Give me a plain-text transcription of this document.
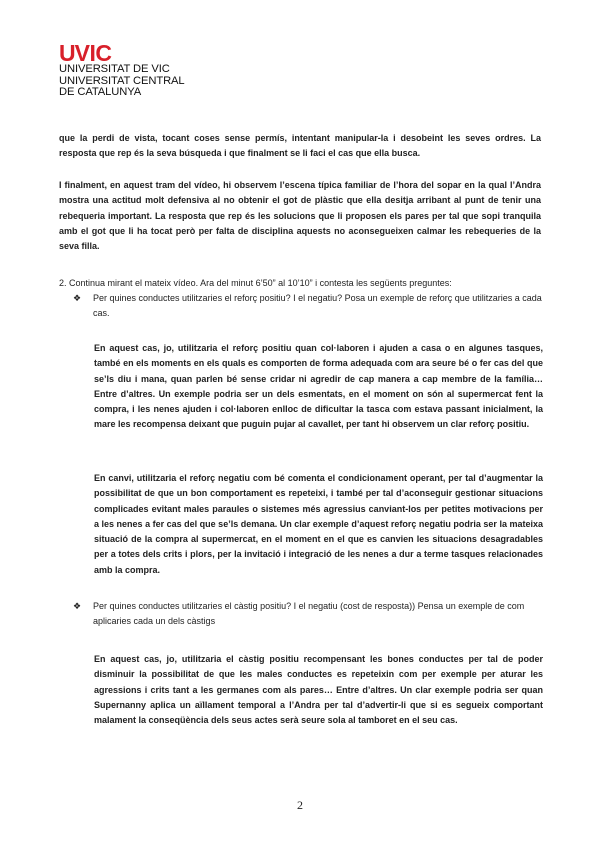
U VIC
UNIVERSITAT DE VIC
UNIVERSITAT CENTRAL
DE CATALUNYA
que la perdi de vista, tocant coses sense permís, intentant manipular-la i desobeint les seves ordres. La resposta que rep és la seva búsqueda i que finalment se li faci el cas que ella busca.
I finalment, en aquest tram del vídeo, hi observem l’escena típica familiar de l’hora del sopar en la qual l’Andra mostra una actitud molt defensiva al no obtenir el got de plàstic que ella desitja arribant al punt de tenir una rebequeria important. La resposta que rep és les solucions que li proposen els pares per tal que sopi tranquila amb el got que li ha tocat però per falta de disciplina aquests no aconsegueixen calmar les rebequeries de la seva filla.
2. Continua mirant el mateix vídeo. Ara del minut 6’50” al 10’10” i contesta les següents preguntes:
❖ Per quines conductes utilitzaries el reforç positiu? I el negatiu? Posa un exemple de reforç que utilitzaries a cada cas.
En aquest cas, jo, utilitzaria el reforç positiu quan col·laboren i ajuden a casa o en algunes tasques, també en els moments en els quals es comporten de forma adequada com ara seure bé o fer cas del que se’ls diu i mana, quan parlen bé sense cridar ni agredir de cap manera a cap membre de la família… Entre d’altres. Un exemple podria ser un dels esmentats, en el moment on són al supermercat fent la compra, i les nenes ajuden i col·laboren enlloc de dificultar la tasca com estava passant inicialment, la mare les recompensa deixant que puguin pujar al cavallet, per tant hi observem un clar reforç positiu.
En canvi, utilitzaria el reforç negatiu com bé comenta el condicionament operant, per tal d’augmentar la possibilitat de que un bon comportament es repeteixi, i també per tal d’aconseguir gestionar situacions complicades evitant males paraules o sistemes més agressius canviant-los per petites motivacions per a les nenes a fer cas del que se’ls demana. Un clar exemple d’aquest reforç negatiu podria ser la mateixa situació de la compra al supermercat, en el moment en el que es canvien les situacions desagradables per a totes dels crits i plors, per la invitació i integració de les nenes a dur a terme tasques relacionades amb la compra.
❖ Per quines conductes utilitzaries el càstig positiu? I el negatiu (cost de resposta)) Pensa un exemple de com aplicaries cada un dels càstigs
En aquest cas, jo, utilitzaria el càstig positiu recompensant les bones conductes per tal de poder disminuir la possibilitat de que les males conductes es repeteixin com per exemple per aturar les agressions i crits tant a les germanes com als pares… Entre d’altres. Un clar exemple podria ser quan Supernanny aplica un aïllament temporal a l’Andra per tal d’advertir-li que si es segueix comportant malament la conseqüència dels seus actes serà seure sola al tamboret en el seu cas.
2
